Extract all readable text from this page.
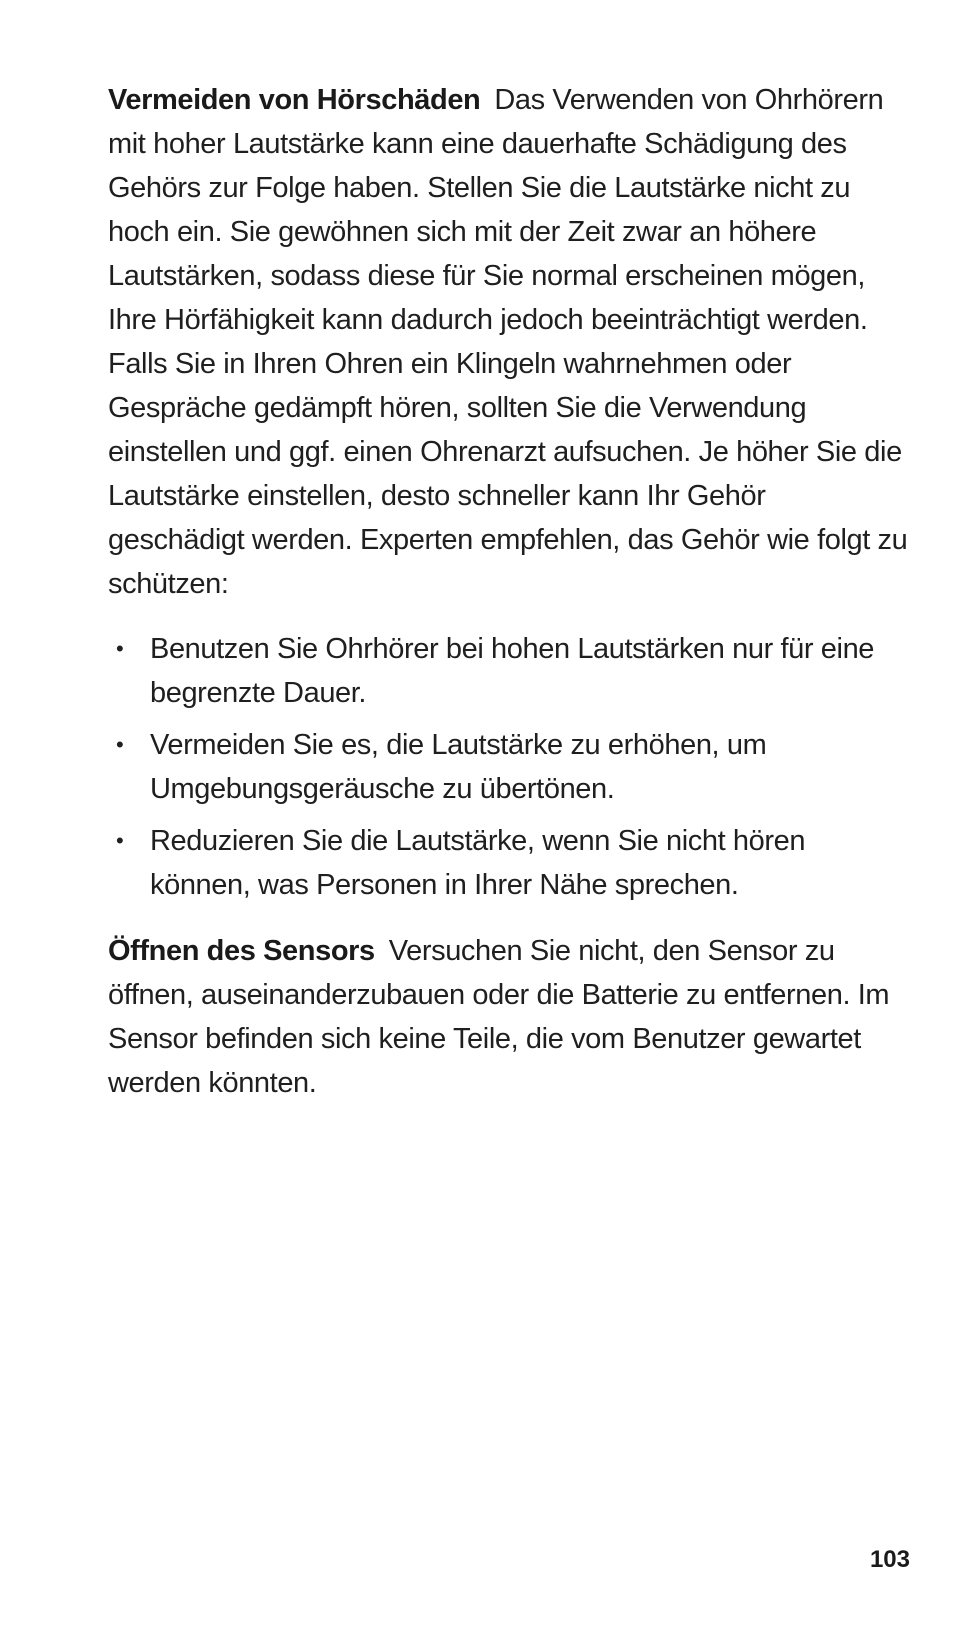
Vermeiden von Hörschäden Das Verwenden von Ohrhörern mit hoher Lautstärke kann eine dauerhafte Schädigung des Gehörs zur Folge haben. Stellen Sie die Lautstärke nicht zu hoch ein. Sie gewöhnen sich mit der Zeit zwar an höhere Lautstärken, sodass diese für Sie normal erscheinen mögen, Ihre Hörfähigkeit kann dadurch jedoch beeinträchtigt werden. Falls Sie in Ihren Ohren ein Klingeln wahrnehmen oder Gespräche gedämpft hören, sollten Sie die Verwendung einstellen und ggf. einen Ohrenarzt aufsuchen. Je höher Sie die Lautstärke einstellen, desto schneller kann Ihr Gehör geschädigt werden. Experten empfehlen, das Gehör wie folgt zu schützen:

• Benutzen Sie Ohrhörer bei hohen Lautstärken nur für eine begrenzte Dauer.
• Vermeiden Sie es, die Lautstärke zu erhöhen, um Umgebungsgeräusche zu übertönen.
• Reduzieren Sie die Lautstärke, wenn Sie nicht hören können, was Personen in Ihrer Nähe sprechen.

Öffnen des Sensors Versuchen Sie nicht, den Sensor zu öffnen, auseinanderzubauen oder die Batterie zu entfernen. Im Sensor befinden sich keine Teile, die vom Benutzer gewartet werden könnten.

103
